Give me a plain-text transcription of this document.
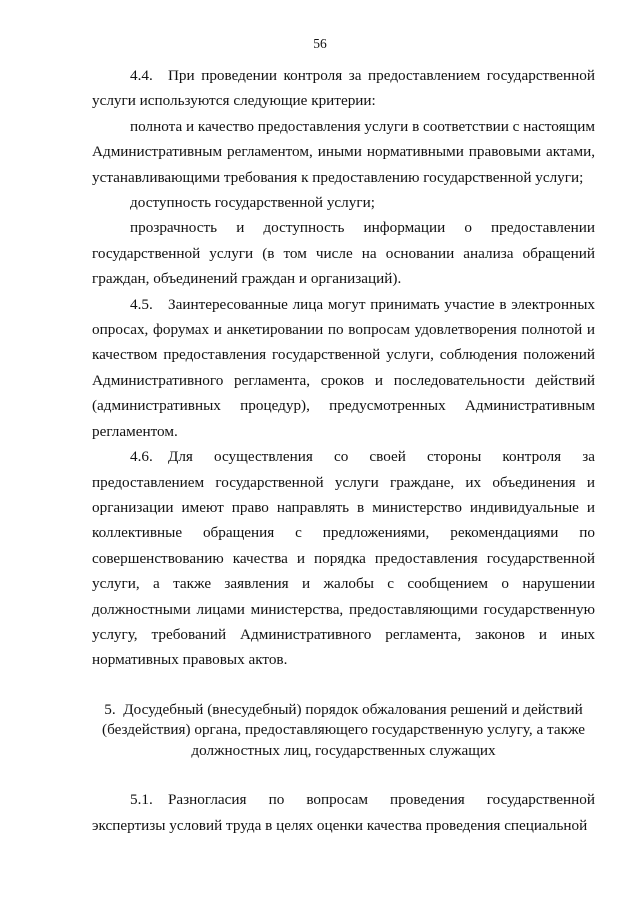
56

4.4. При проведении контроля за предоставлением государственной услуги используются следующие критерии:

полнота и качество предоставления услуги в соответствии с настоящим Административным регламентом, иными нормативными правовыми актами, устанавливающими требования к предоставлению государственной услуги;

доступность государственной услуги;

прозрачность и доступность информации о предоставлении государственной услуги (в том числе на основании анализа обращений граждан, объединений граждан и организаций).

4.5. Заинтересованные лица могут принимать участие в электронных опросах, форумах и анкетировании по вопросам удовлетворения полнотой и качеством предоставления государственной услуги, соблюдения положений Административного регламента, сроков и последовательности действий (административных процедур), предусмотренных Административным регламентом.

4.6. Для осуществления со своей стороны контроля за предоставлением государственной услуги граждане, их объединения и организации имеют право направлять в министерство индивидуальные и коллективные обращения с предложениями, рекомендациями по совершенствованию качества и порядка предоставления государственной услуги, а также заявления и жалобы с сообщением о нарушении должностными лицами министерства, предоставляющими государственную услугу, требований Административного регламента, законов и иных нормативных правовых актов.

5. Досудебный (внесудебный) порядок обжалования решений и действий
(бездействия) органа, предоставляющего государственную услугу, а также
должностных лиц, государственных служащих

5.1. Разногласия по вопросам проведения государственной экспертизы условий труда в целях оценки качества проведения специальной
